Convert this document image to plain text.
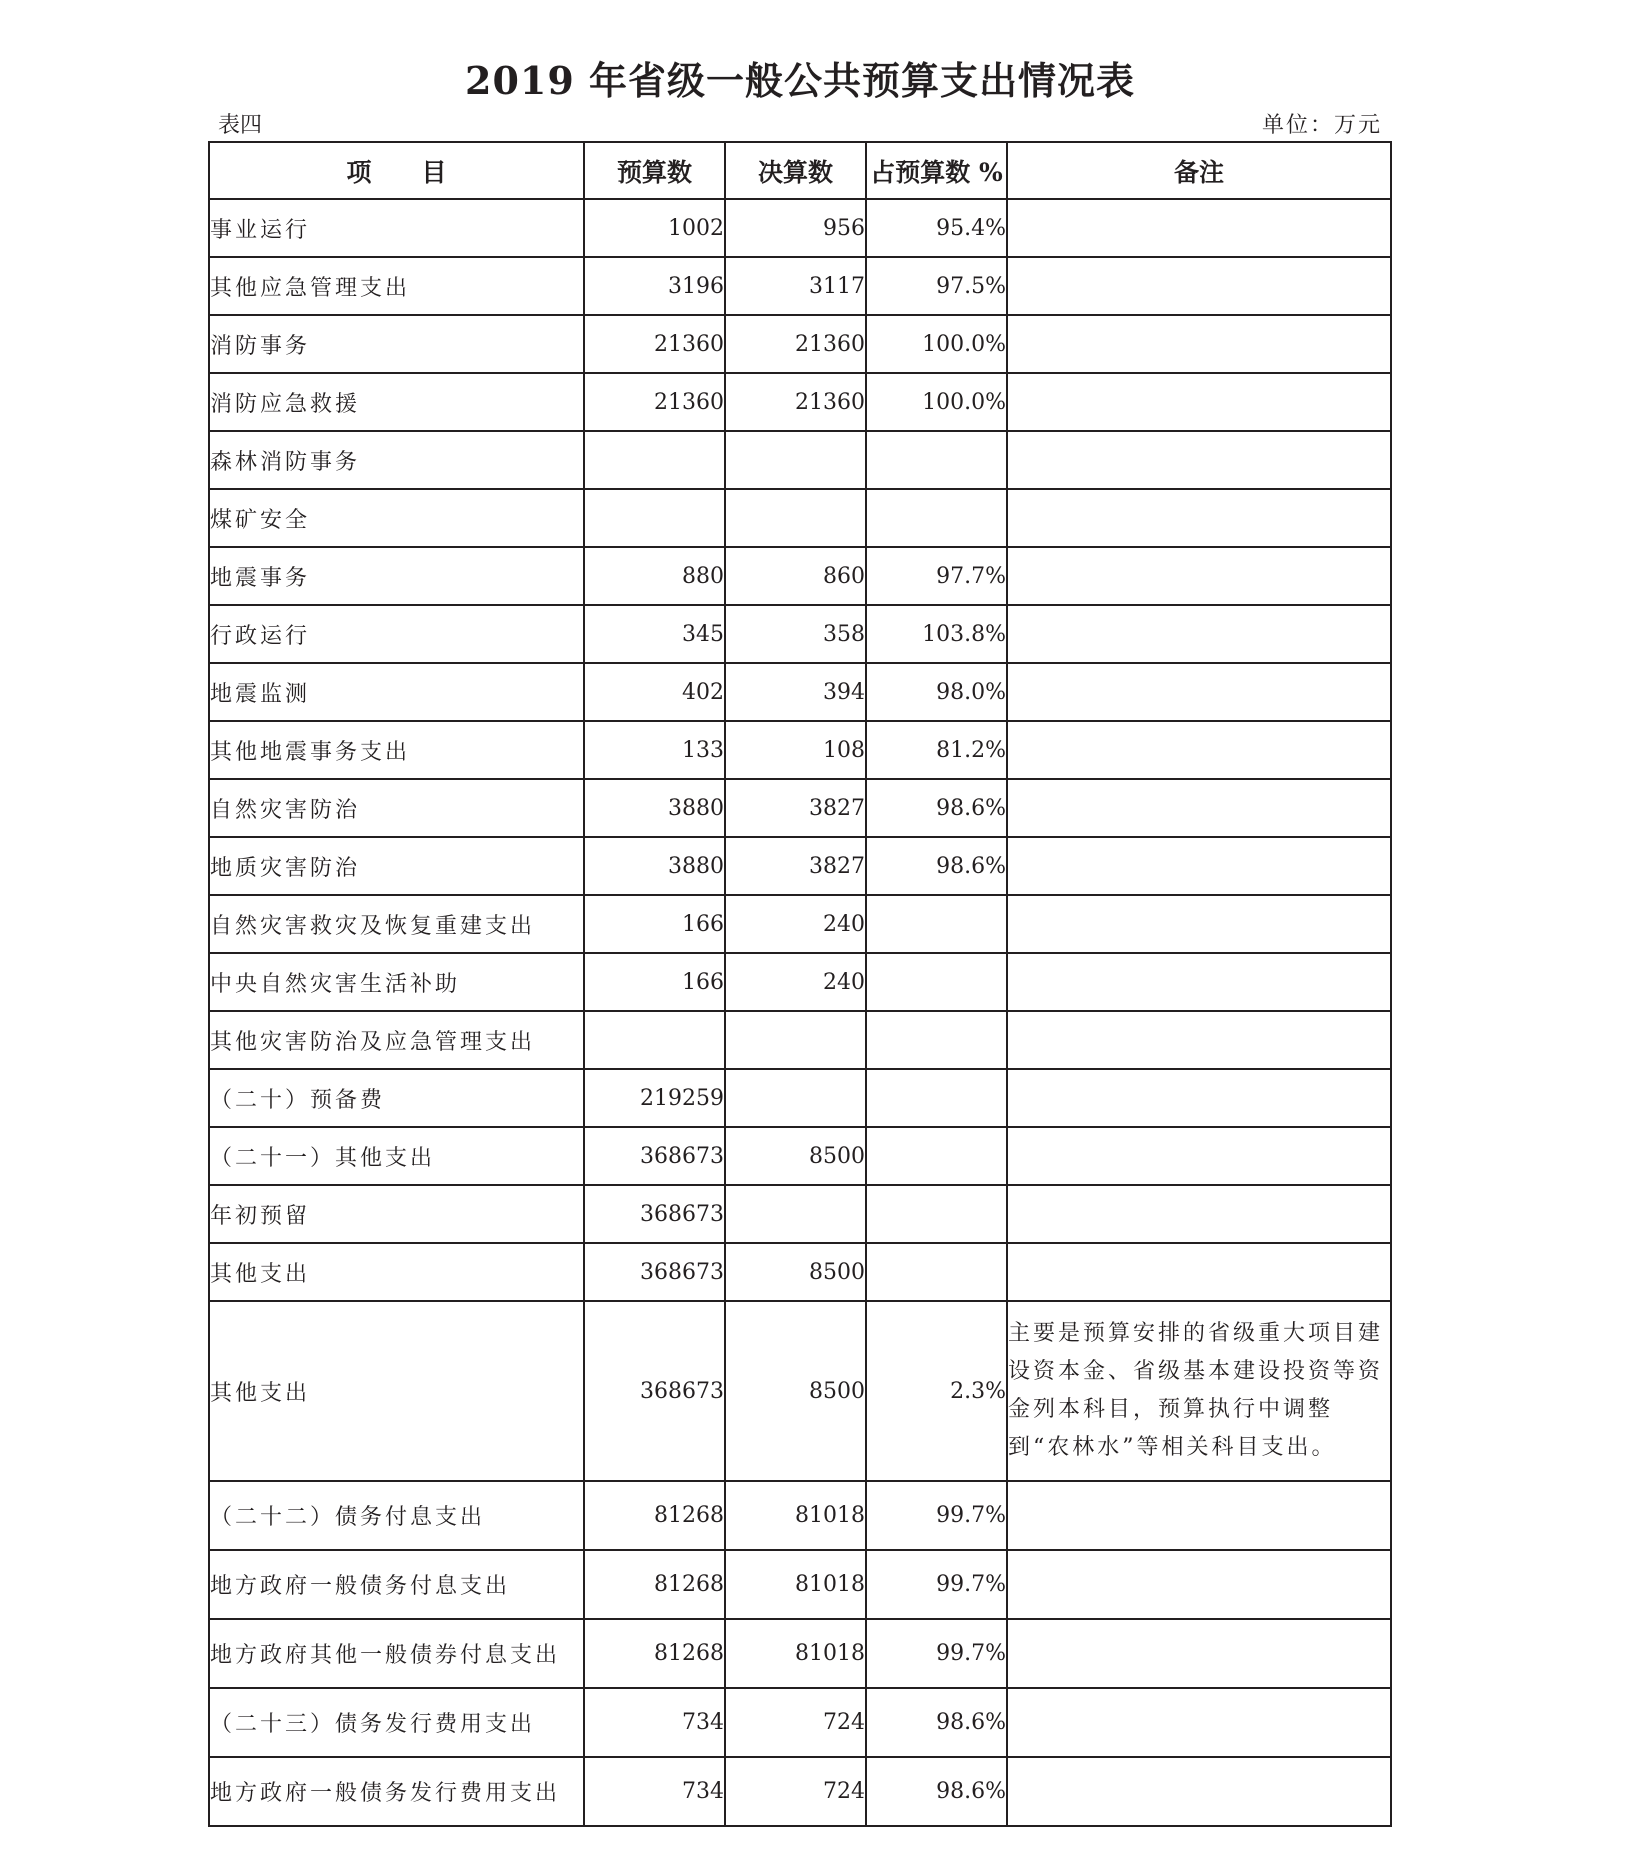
2019 年省级一般公共预算支出情况表
表四	单位：万元
项　　目	预算数	决算数	占预算数 %	备注
事业运行	1002	956	95.4%	
其他应急管理支出	3196	3117	97.5%	
消防事务	21360	21360	100.0%	
消防应急救援	21360	21360	100.0%	
森林消防事务				
煤矿安全				
地震事务	880	860	97.7%	
行政运行	345	358	103.8%	
地震监测	402	394	98.0%	
其他地震事务支出	133	108	81.2%	
自然灾害防治	3880	3827	98.6%	
地质灾害防治	3880	3827	98.6%	
自然灾害救灾及恢复重建支出	166	240		
中央自然灾害生活补助	166	240		
其他灾害防治及应急管理支出				
（二十）预备费	219259			
（二十一）其他支出	368673	8500		
年初预留	368673			
其他支出	368673	8500		
其他支出	368673	8500	2.3%	主要是预算安排的省级重大项目建设资本金、省级基本建设投资等资金列本科目，预算执行中调整到“农林水”等相关科目支出。
（二十二）债务付息支出	81268	81018	99.7%	
地方政府一般债务付息支出	81268	81018	99.7%	
地方政府其他一般债券付息支出	81268	81018	99.7%	
（二十三）债务发行费用支出	734	724	98.6%	
地方政府一般债务发行费用支出	734	724	98.6%	
